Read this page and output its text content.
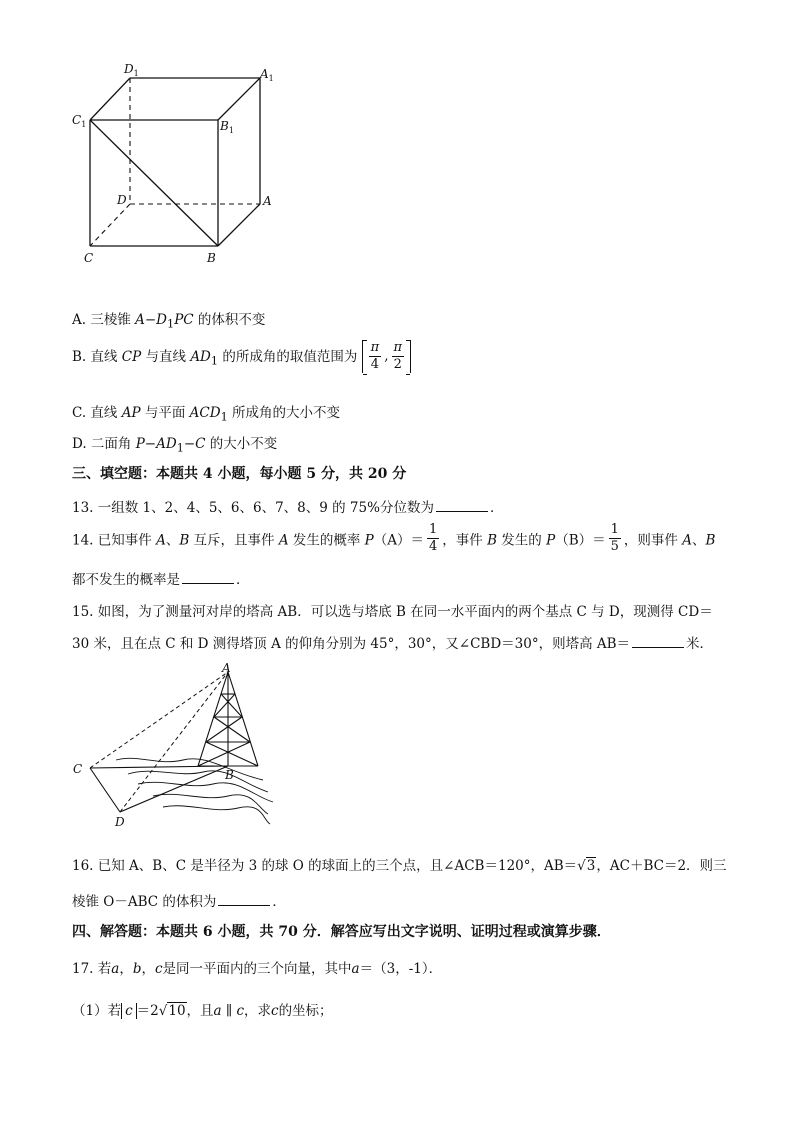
$D_1$	$A_1$
$C_1$	$B_1$
D	A
C	B
A. 三棱锥 $A-D_1PC$ 的体积不变
B. 直线 CP 与直线 $AD_1$ 的所成角的取值范围为 $\frac{\pi}{4}$ , $\frac{\pi}{2}$
C. 直线 AP 与平面 $ACD_1$ 所成角的大小不变
D. 二面角 $P-AD_1-C$ 的大小不变
三、填空题：本题共 4 小题，每小题 5 分，共 20 分
13. 一组数 1、2、4、5、6、6、7、8、9 的 75%分位数为	．
14. 已知事件 A、B 互斥，且事件 A 发生的概率 $P(A)= \frac{1}{4}$ ，事件 B 发生的 $P(B)= \frac{1}{5}$ ，则事件 A、B
都不发生的概率是	．
15. 如图，为了测量河对岸的塔高 AB．可以选与塔底 B 在同一水平面内的两个基点 C 与 D，现测得 CD＝
30 米，且在点 C 和 D 测得塔顶 A 的仰角分别为 45°，30°，又∠CBD＝30°，则塔高 AB＝	米．
A
B
C
D
16. 已知 A、B、C 是半径为 3 的球 O 的球面上的三个点，且∠ACB＝120°，AB＝√3，AC＋BC＝2．则三
棱锥 O－ABC 的体积为	．
四、解答题：本题共 6 小题，共 70 分．解答应写出文字说明、证明过程或演算步骤．
17. 若a，b，c是同一平面内的三个向量，其中a＝（3，-1）．
（1）若 c ＝2√10，且a ∥ c，求c的坐标；
